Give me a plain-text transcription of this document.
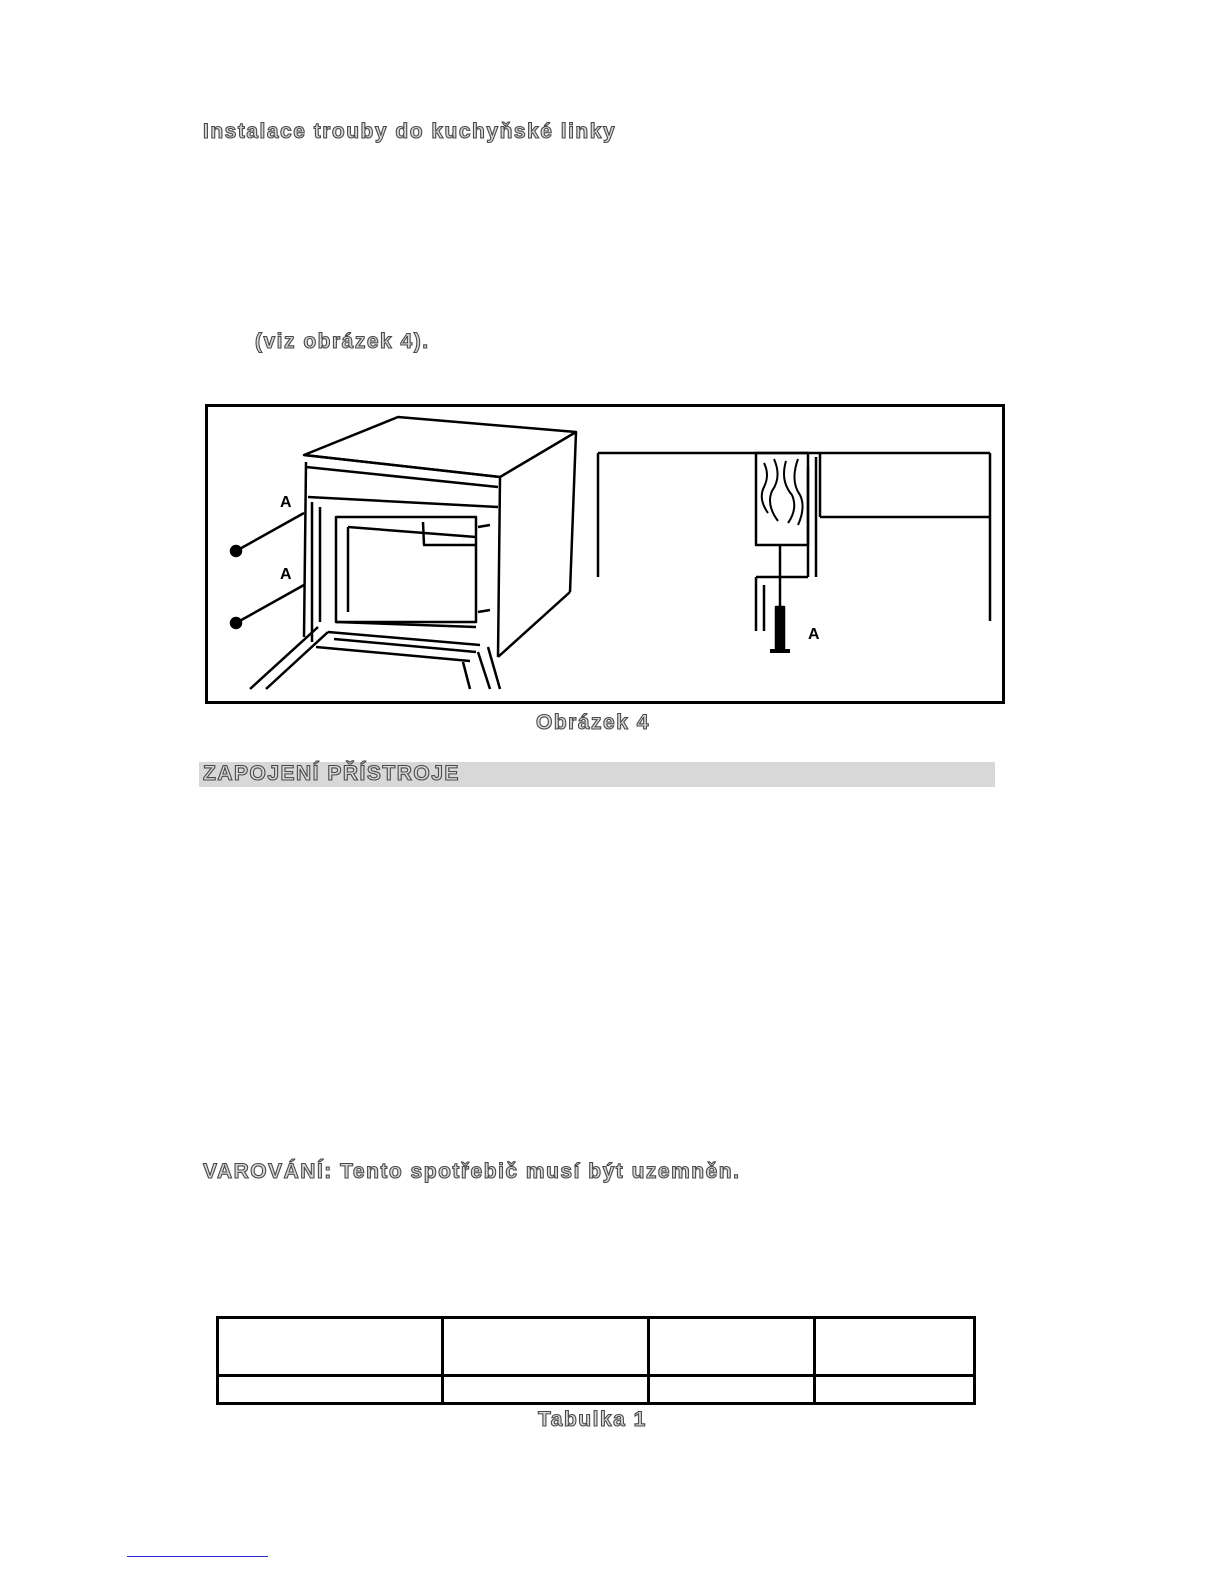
Instalace trouby do kuchyňské linky
(viz obrázek 4).
A
A
A
Obrázek 4
ZAPOJENÍ PŘÍSTROJE
VAROVÁNÍ: Tento spotřebič musí být uzemněn.

Tabulka 1
